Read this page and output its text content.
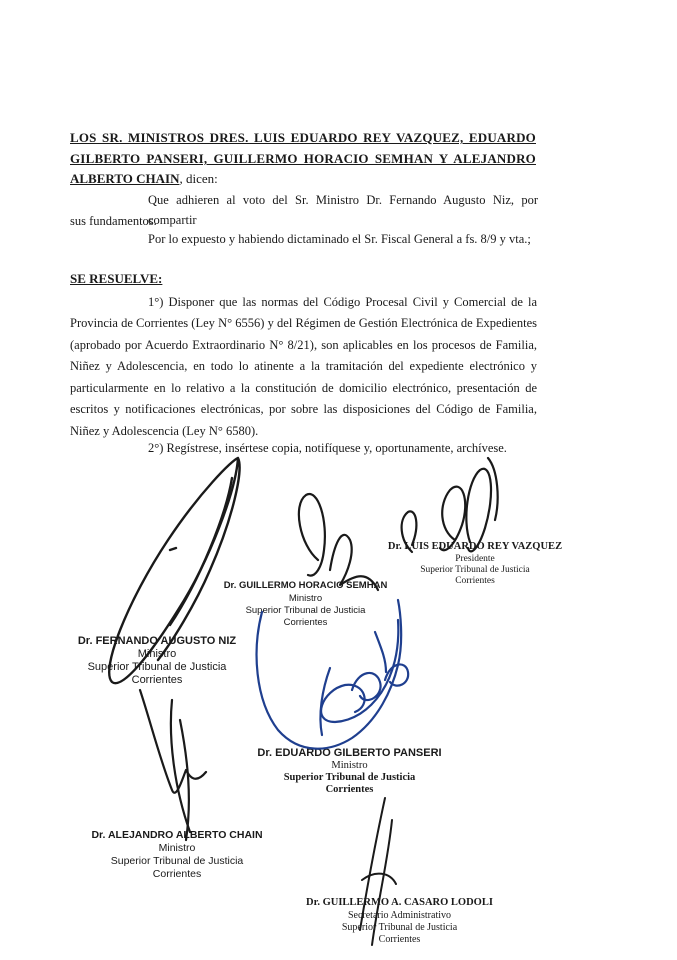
LOS SR. MINISTROS DRES. LUIS EDUARDO REY VAZQUEZ, EDUARDO
GILBERTO PANSERI, GUILLERMO HORACIO SEMHAN Y ALEJANDRO
ALBERTO CHAIN, dicen:
Que adhieren al voto del Sr. Ministro Dr. Fernando Augusto Niz, por compartir
sus fundamentos.
Por lo expuesto y habiendo dictaminado el Sr. Fiscal General a fs. 8/9 y vta.;
SE RESUELVE:
1°) Disponer que las normas del Código Procesal Civil y Comercial de la
Provincia de Corrientes (Ley N° 6556) y del Régimen de Gestión Electrónica de Expedientes (aprobado por Acuerdo Extraordinario N° 8/21), son aplicables en los procesos de Familia, Niñez y Adolescencia, en todo lo atinente a la tramitación del expediente electrónico y particularmente en lo relativo a la constitución de domicilio electrónico, presentación de escritos y notificaciones electrónicas, por sobre las disposiciones del Código de Familia, Niñez y Adolescencia (Ley N° 6580).
2°) Regístrese, insértese copia, notifíquese y, oportunamente, archívese.
Dr. LUIS EDUARDO REY VAZQUEZ
Presidente
Superior Tribunal de Justicia
Corrientes
Dr. GUILLERMO HORACIO SEMHAN
Ministro
Superior Tribunal de Justicia
Corrientes
Dr. FERNANDO AUGUSTO NIZ
Ministro
Superior Tribunal de Justicia
Corrientes
Dr. EDUARDO GILBERTO PANSERI
Ministro
Superior Tribunal de Justicia
Corrientes
Dr. ALEJANDRO ALBERTO CHAIN
Ministro
Superior Tribunal de Justicia
Corrientes
Dr. GUILLERMO A. CASARO LODOLI
Secretario Administrativo
Superior Tribunal de Justicia
Corrientes
